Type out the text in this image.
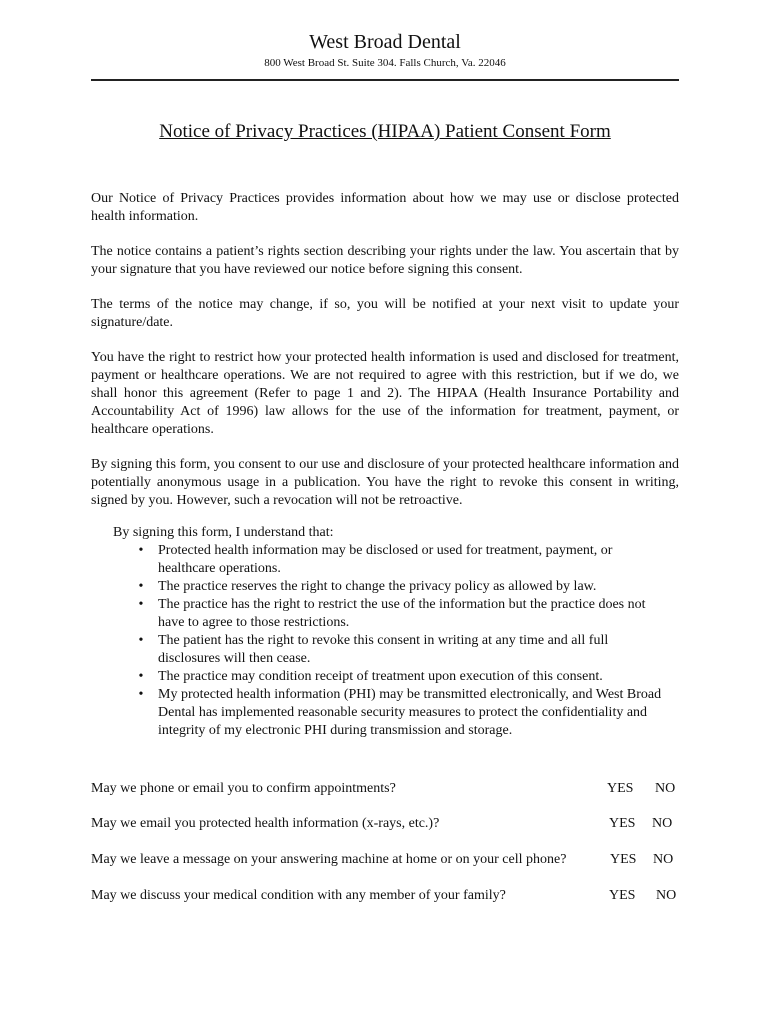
West Broad Dental
800 West Broad St. Suite 304. Falls Church, Va. 22046
Notice of Privacy Practices (HIPAA) Patient Consent Form

Our Notice of Privacy Practices provides information about how we may use or disclose protected health information.

The notice contains a patient’s rights section describing your rights under the law. You ascertain that by your signature that you have reviewed our notice before signing this consent.

The terms of the notice may change, if so, you will be notified at your next visit to update your signature/date.

You have the right to restrict how your protected health information is used and disclosed for treatment, payment or healthcare operations. We are not required to agree with this restriction, but if we do, we shall honor this agreement (Refer to page 1 and 2). The HIPAA (Health Insurance Portability and Accountability Act of 1996) law allows for the use of the information for treatment, payment, or healthcare operations.

By signing this form, you consent to our use and disclosure of your protected healthcare information and potentially anonymous usage in a publication. You have the right to revoke this consent in writing, signed by you. However, such a revocation will not be retroactive.

By signing this form, I understand that:
•	Protected health information may be disclosed or used for treatment, payment, or healthcare operations.
•	The practice reserves the right to change the privacy policy as allowed by law.
•	The practice has the right to restrict the use of the information but the practice does not have to agree to those restrictions.
•	The patient has the right to revoke this consent in writing at any time and all full disclosures will then cease.
•	The practice may condition receipt of treatment upon execution of this consent.
•	My protected health information (PHI) may be transmitted electronically, and West Broad Dental has implemented reasonable security measures to protect the confidentiality and integrity of my electronic PHI during transmission and storage.
May we phone or email you to confirm appointments?	YES NO
May we email you protected health information (x-rays, etc.)?	YES NO
May we leave a message on your answering machine at home or on your cell phone?	YES NO
May we discuss your medical condition with any member of your family?	YES NO
